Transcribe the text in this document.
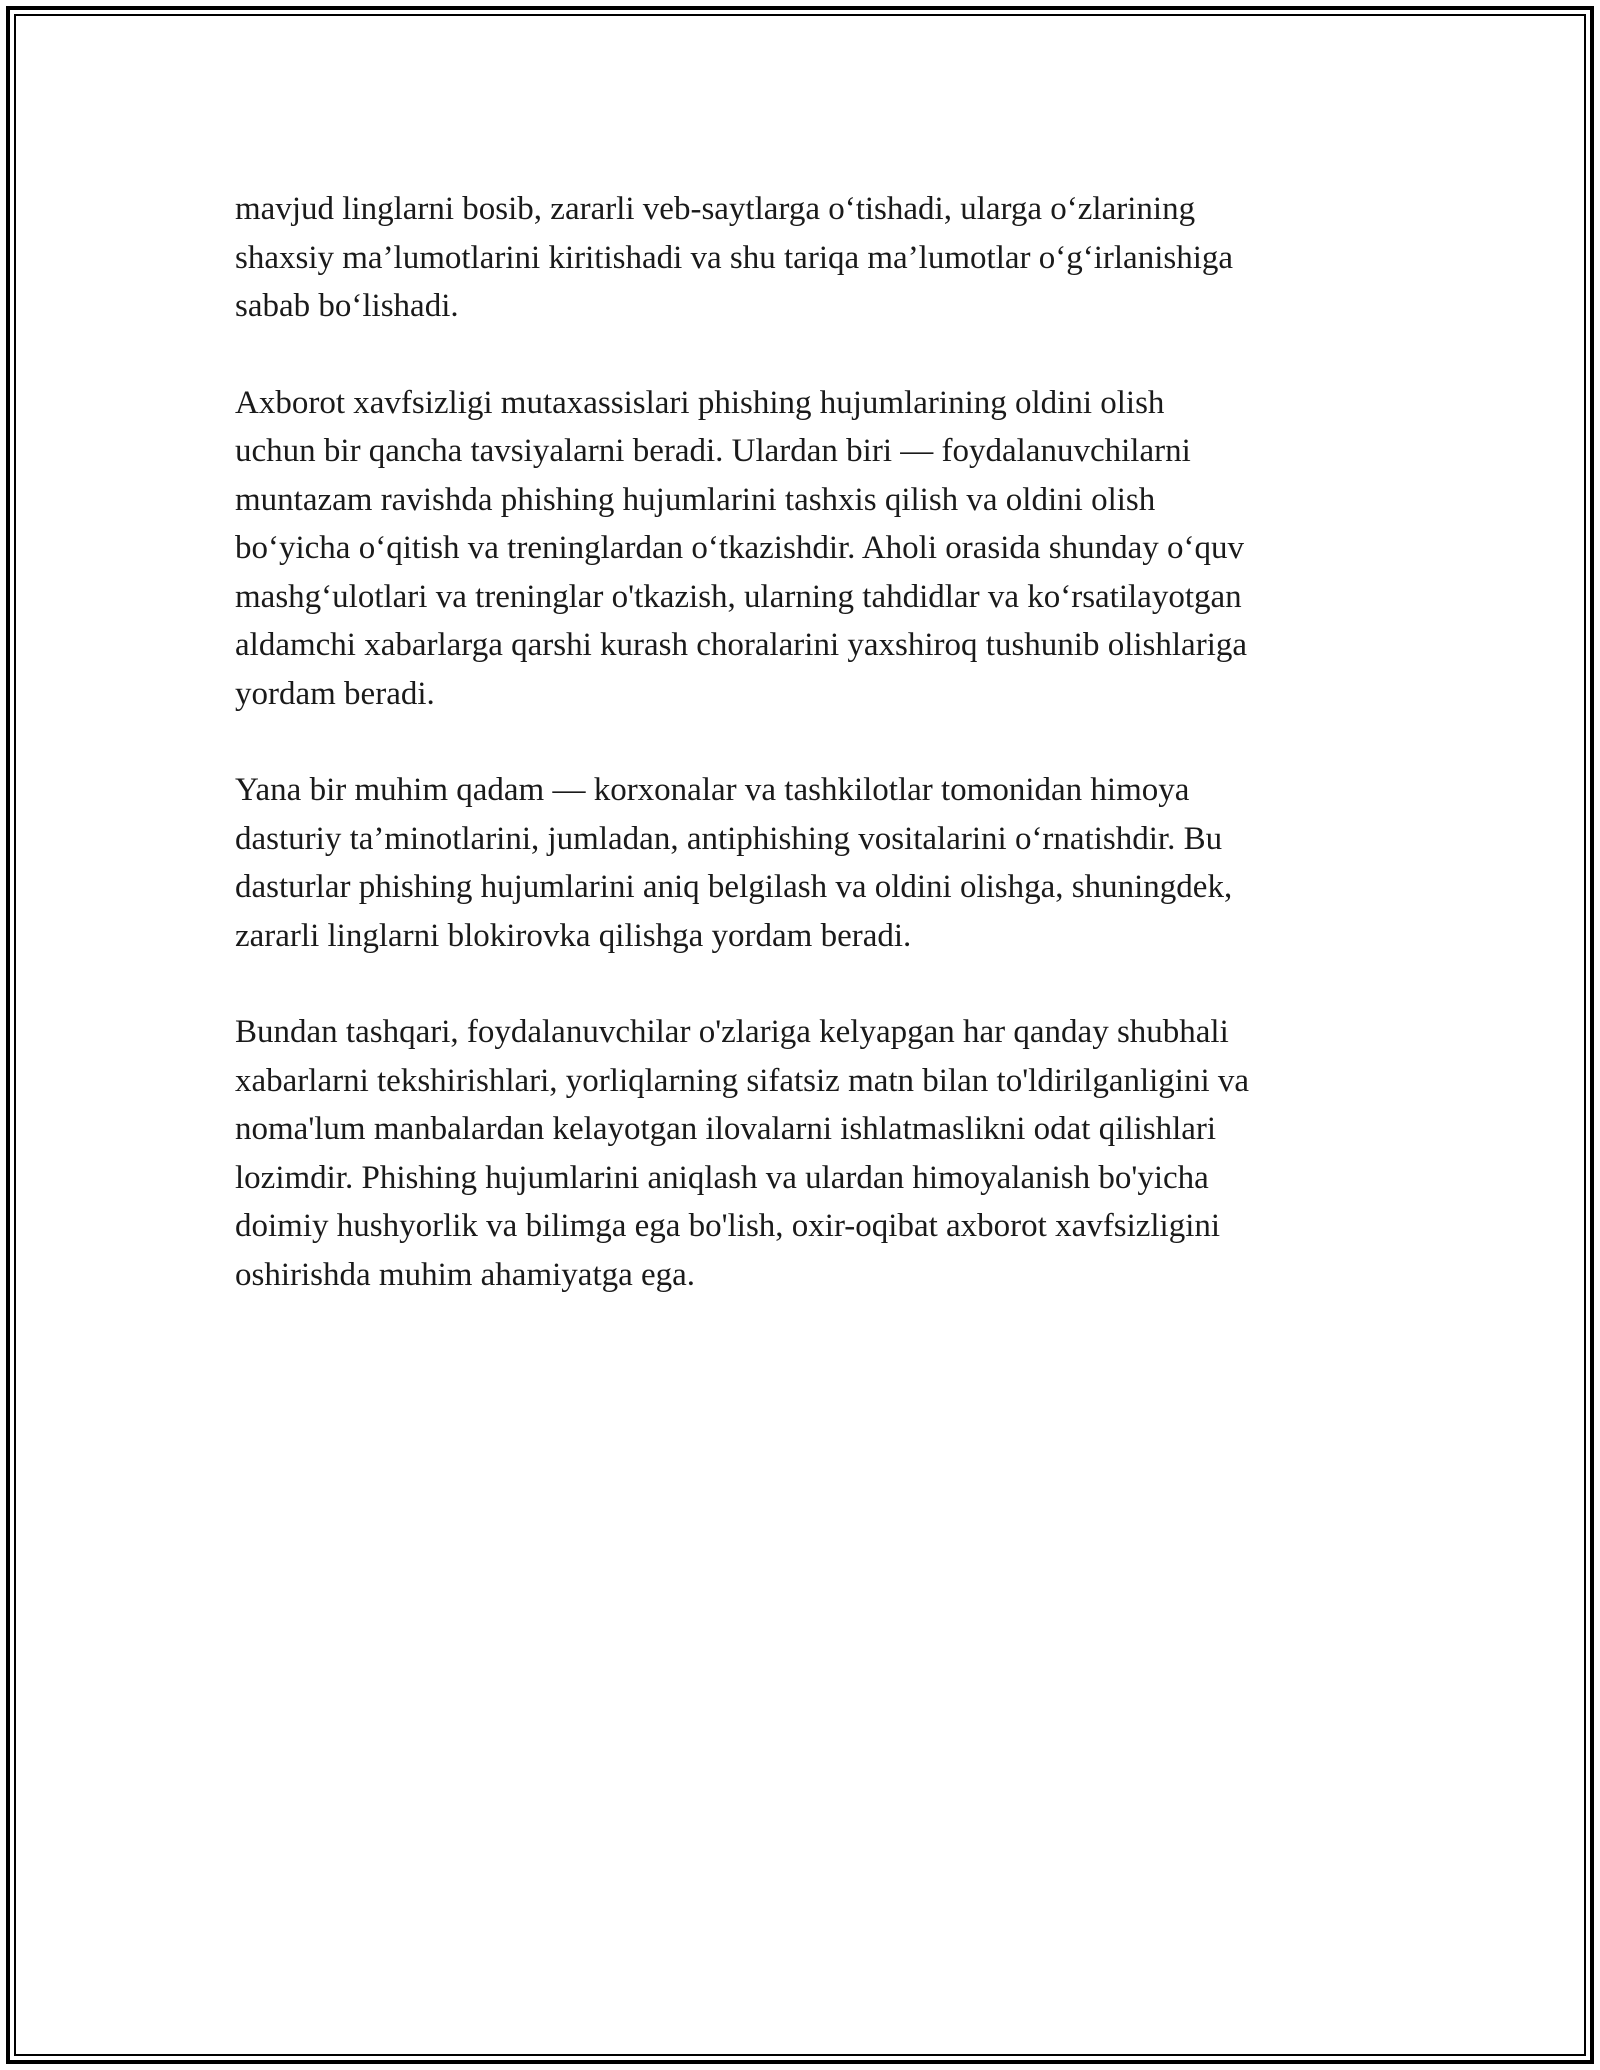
mavjud linglarni bosib, zararli veb-saytlarga o‘tishadi, ularga o‘zlarining
shaxsiy ma’lumotlarini kiritishadi va shu tariqa ma’lumotlar o‘g‘irlanishiga
sabab bo‘lishadi.

Axborot xavfsizligi mutaxassislari phishing hujumlarining oldini olish
uchun bir qancha tavsiyalarni beradi. Ulardan biri — foydalanuvchilarni
muntazam ravishda phishing hujumlarini tashxis qilish va oldini olish
bo‘yicha o‘qitish va treninglardan o‘tkazishdir. Aholi orasida shunday o‘quv
mashg‘ulotlari va treninglar o'tkazish, ularning tahdidlar va ko‘rsatilayotgan
aldamchi xabarlarga qarshi kurash choralarini yaxshiroq tushunib olishlariga
yordam beradi.

Yana bir muhim qadam — korxonalar va tashkilotlar tomonidan himoya
dasturiy ta’minotlarini, jumladan, antiphishing vositalarini o‘rnatishdir. Bu
dasturlar phishing hujumlarini aniq belgilash va oldini olishga, shuningdek,
zararli linglarni blokirovka qilishga yordam beradi.

Bundan tashqari, foydalanuvchilar o'zlariga kelyapgan har qanday shubhali
xabarlarni tekshirishlari, yorliqlarning sifatsiz matn bilan to'ldirilganligini va
noma'lum manbalardan kelayotgan ilovalarni ishlatmaslikni odat qilishlari
lozimdir. Phishing hujumlarini aniqlash va ulardan himoyalanish bo'yicha
doimiy hushyorlik va bilimga ega bo'lish, oxir-oqibat axborot xavfsizligini
oshirishda muhim ahamiyatga ega.
